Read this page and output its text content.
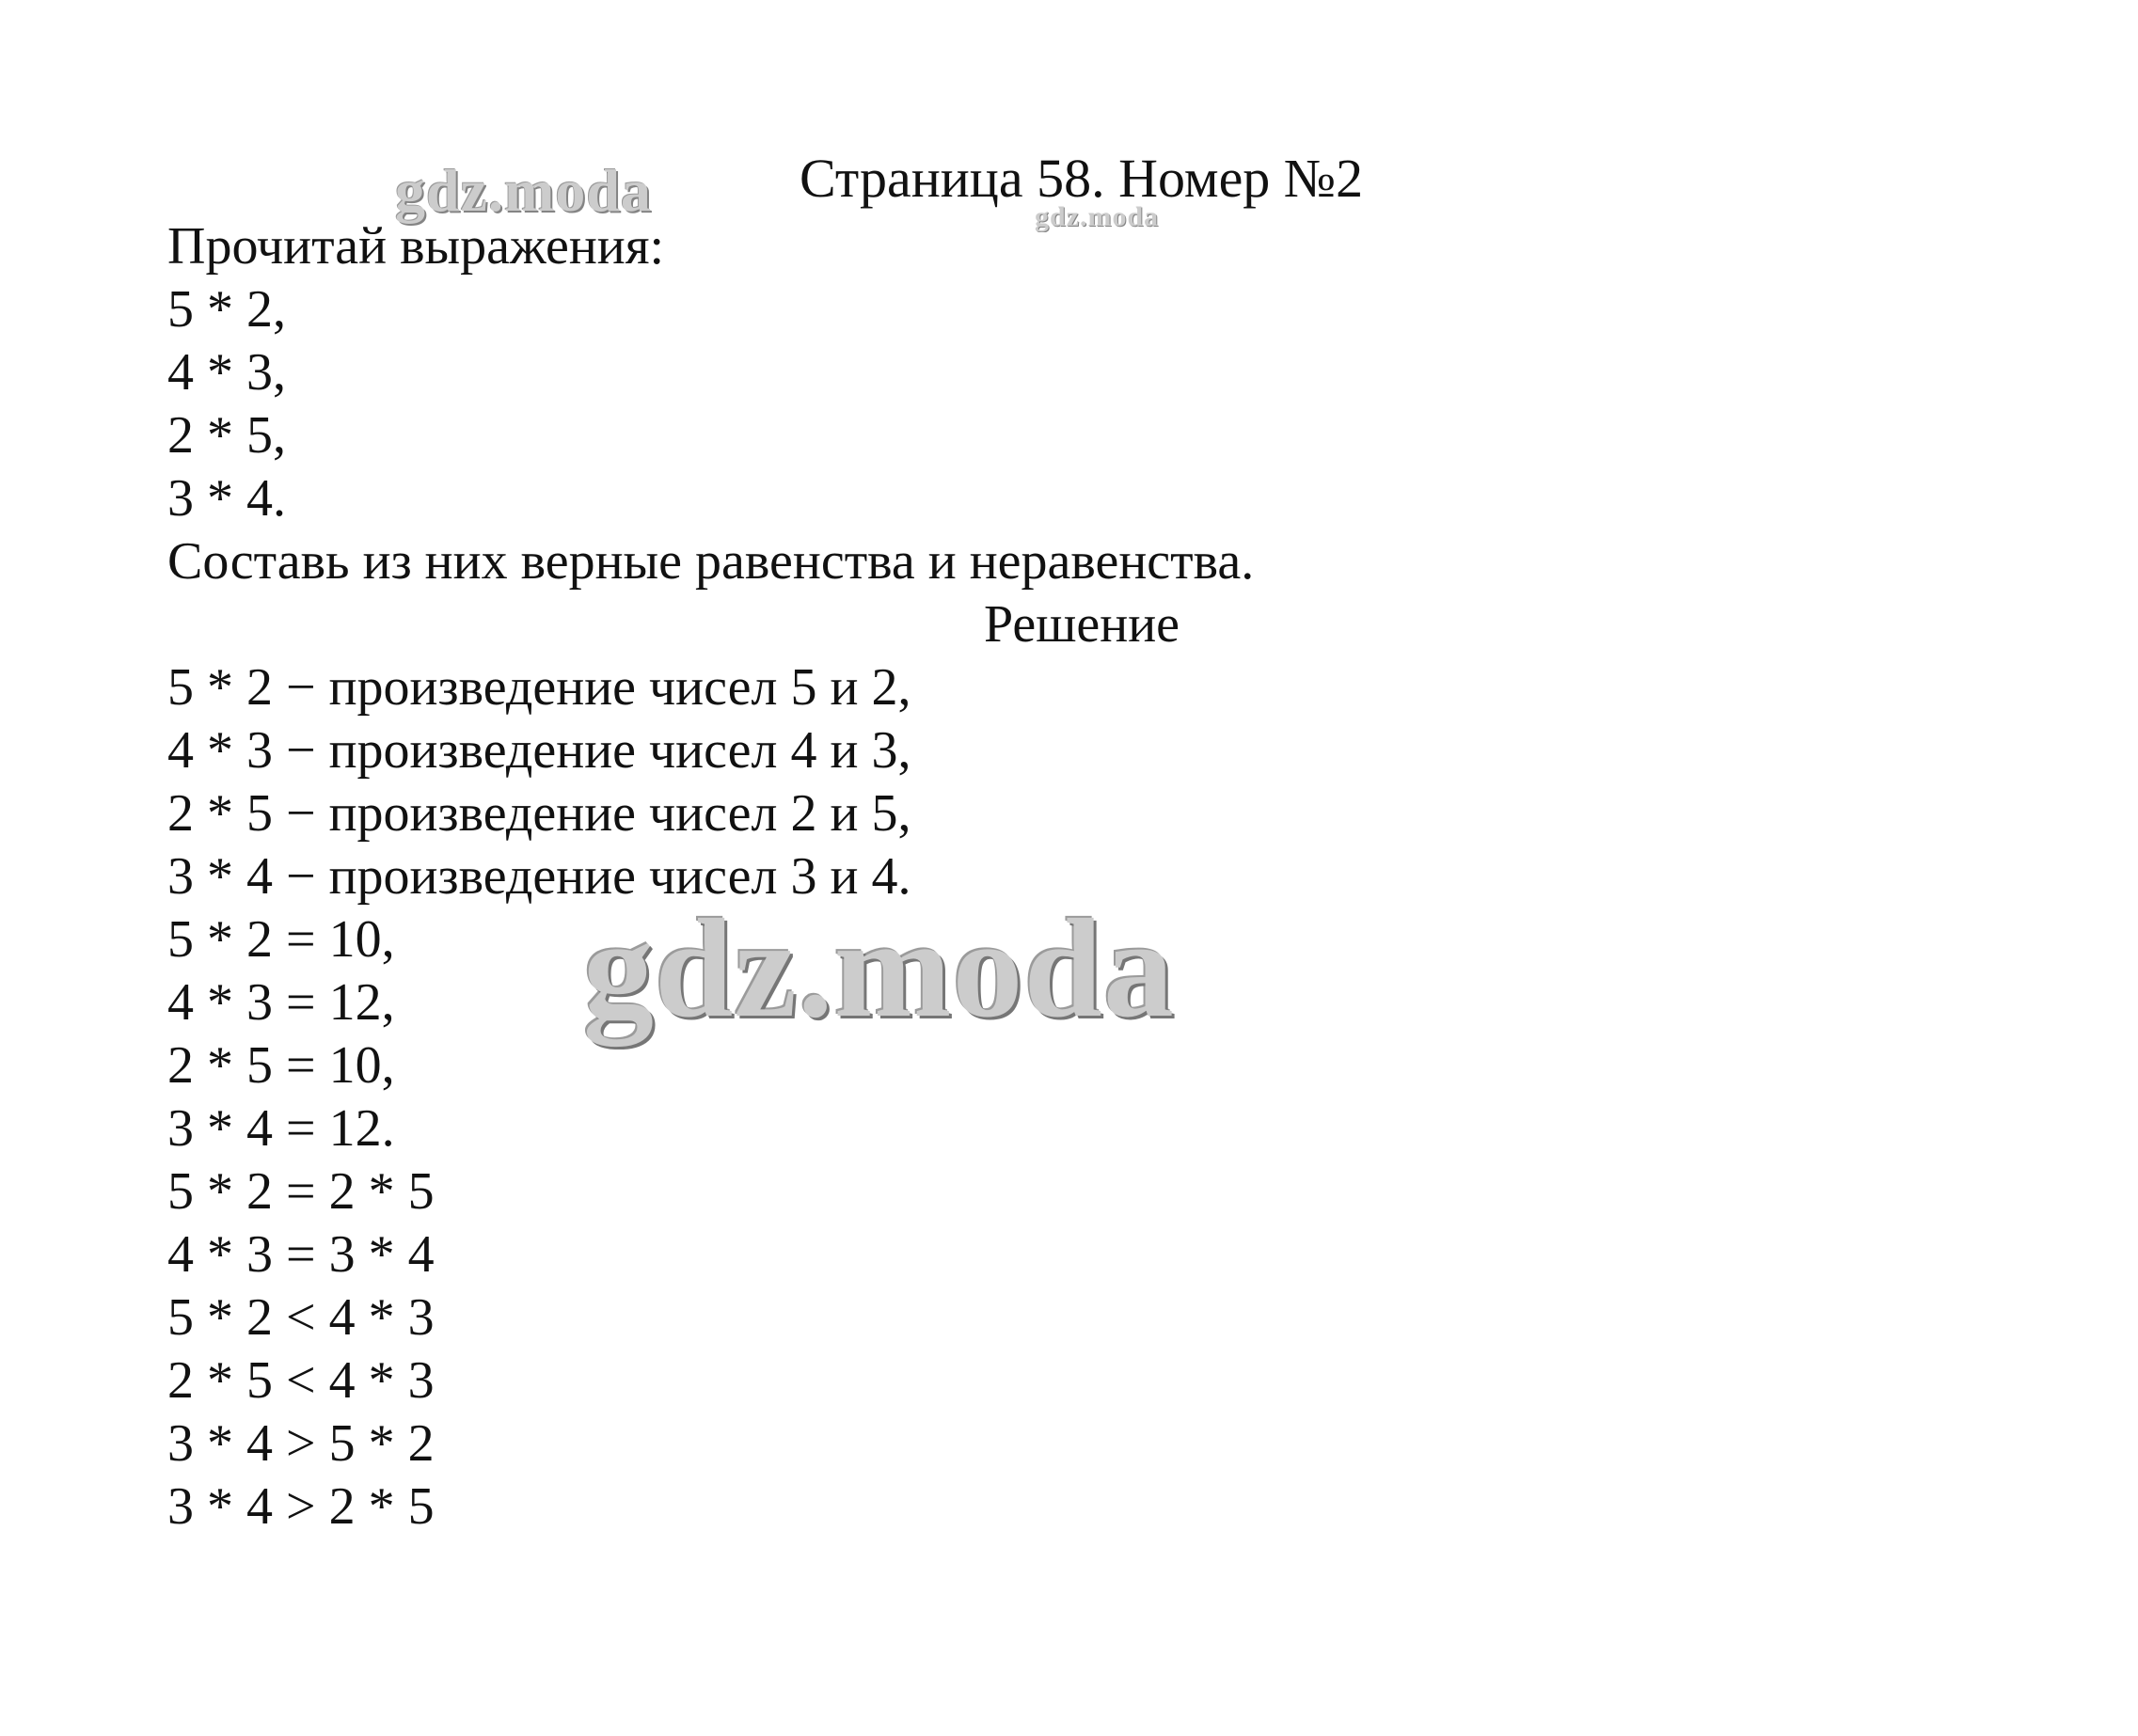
Страница 58. Номер №2
Прочитай выражения:
5 * 2,
4 * 3,
2 * 5,
3 * 4.
Составь из них верные равенства и неравенства.
Решение
5 * 2 − произведение чисел 5 и 2,
4 * 3 − произведение чисел 4 и 3,
2 * 5 − произведение чисел 2 и 5,
3 * 4 − произведение чисел 3 и 4.
5 * 2 = 10,
4 * 3 = 12,
2 * 5 = 10,
3 * 4 = 12.
5 * 2 = 2 * 5
4 * 3 = 3 * 4
5 * 2 < 4 * 3
2 * 5 < 4 * 3
3 * 4 > 5 * 2
3 * 4 > 2 * 5
gdz.moda	gdz.moda
gdz.moda
